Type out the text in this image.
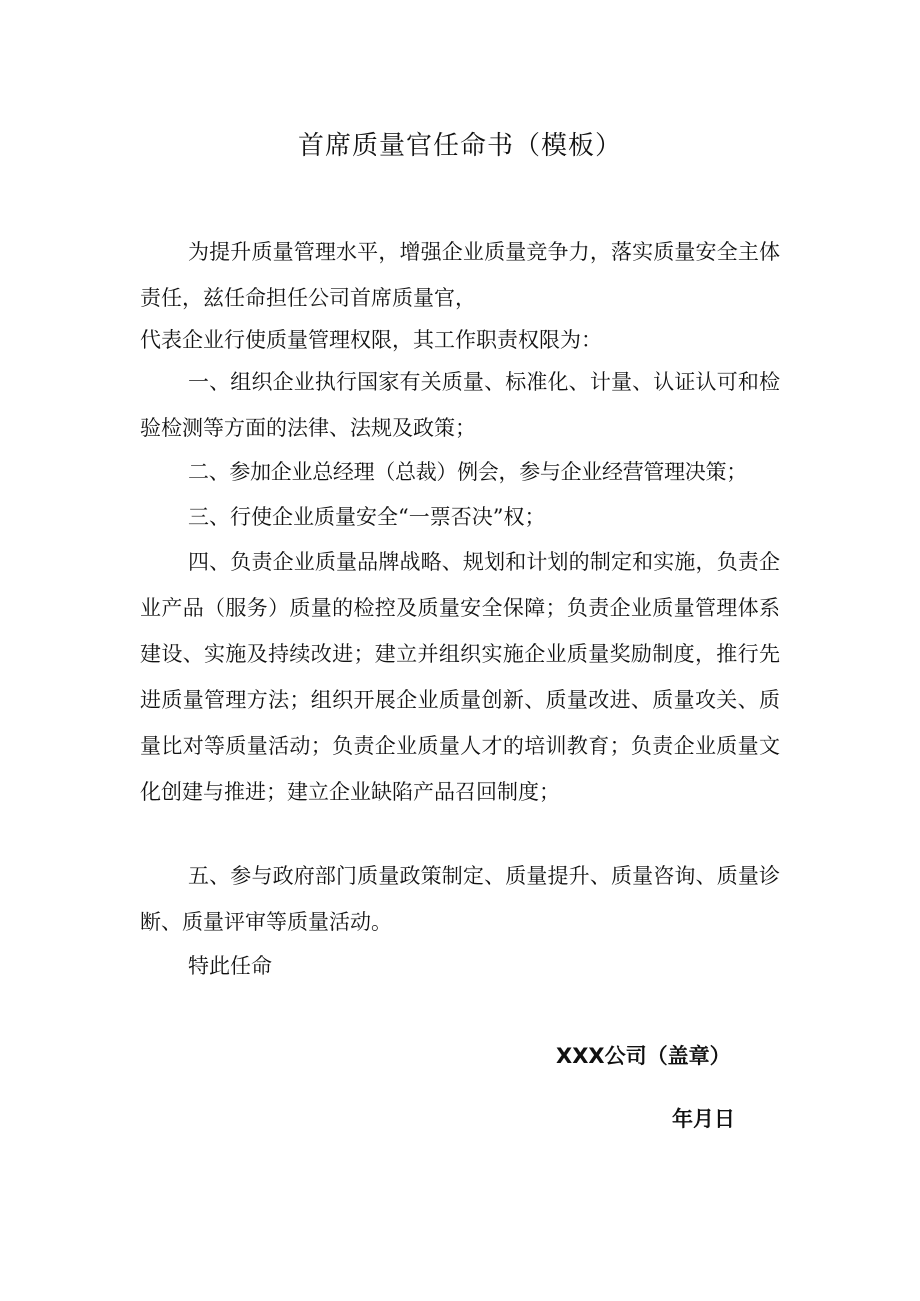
首席质量官任命书（模板）
为提升质量管理水平，增强企业质量竞争力，落实质量安全主体责任，兹任命担任公司首席质量官，
代表企业行使质量管理权限，其工作职责权限为：
一、组织企业执行国家有关质量、标准化、计量、认证认可和检验检测等方面的法律、法规及政策；
二、参加企业总经理（总裁）例会，参与企业经营管理决策；
三、行使企业质量安全“一票否决”权；
四、负责企业质量品牌战略、规划和计划的制定和实施，负责企业产品（服务）质量的检控及质量安全保障；负责企业质量管理体系建设、实施及持续改进；建立并组织实施企业质量奖励制度，推行先进质量管理方法；组织开展企业质量创新、质量改进、质量攻关、质量比对等质量活动；负责企业质量人才的培训教育；负责企业质量文化创建与推进；建立企业缺陷产品召回制度；
五、参与政府部门质量政策制定、质量提升、质量咨询、质量诊断、质量评审等质量活动。
特此任命
XXX公司（盖章）
年月日
